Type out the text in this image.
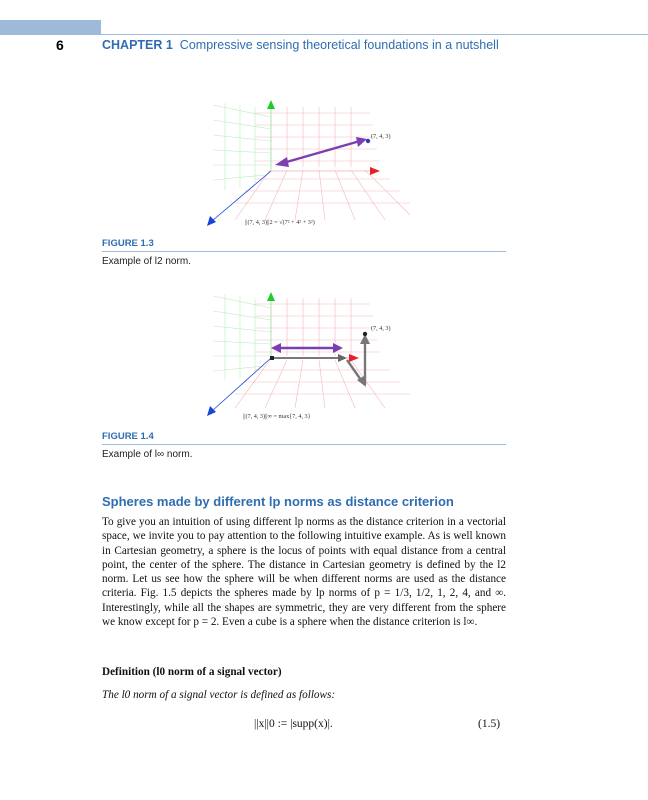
6	CHAPTER 1 Compressive sensing theoretical foundations in a nutshell
(7, 4, 3)
||(7, 4, 3)||2 = √(7² + 4² + 3²)
FIGURE 1.3
Example of l2 norm.
(7, 4, 3)
||(7, 4, 3)||∞ = max{7, 4, 3}
FIGURE 1.4
Example of l∞ norm.
Spheres made by different lp norms as distance criterion
To give you an intuition of using different lp norms as the distance criterion in a vectorial space, we invite you to pay attention to the following intuitive example. As is well known in Cartesian geometry, a sphere is the locus of points with equal distance from a central point, the center of the sphere. The distance in Cartesian geometry is defined by the l2 norm. Let us see how the sphere will be when different norms are used as the distance criteria. Fig. 1.5 depicts the spheres made by lp norms of p = 1/3, 1/2, 1, 2, 4, and ∞. Interestingly, while all the shapes are symmetric, they are very different from the sphere we know except for p = 2. Even a cube is a sphere when the distance criterion is l∞.
Definition (l0 norm of a signal vector)
The l0 norm of a signal vector is defined as follows:
||x||0 := |supp(x)|.	(1.5)
